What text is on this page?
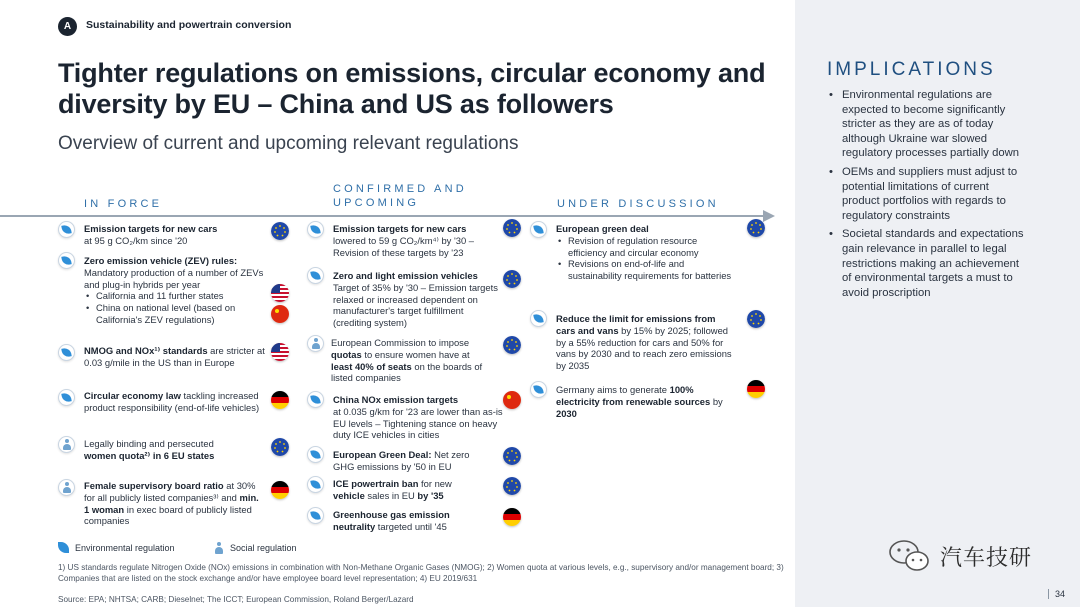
A	Sustainability and powertrain conversion
Tighter regulations on emissions, circular economy and diversity by EU – China and US as followers
Overview of current and upcoming relevant regulations
IN FORCE
CONFIRMED AND UPCOMING	UNDER DISCUSSION
Emission targets for new cars
at 95 g CO₂/km since '20
Zero emission vehicle (ZEV) rules:
Mandatory production of a number of ZEVs and plug-in hybrids per year
• California and 11 further states
• China on national level (based on California's ZEV regulations)
NMOG and NOx¹⁾ standards are stricter at 0.03 g/mile in the US than in Europe
Circular economy law tackling increased product responsibility (end-of-life vehicles)
Legally binding and persecuted
women quota²⁾ in 6 EU states
Female supervisory board ratio at 30% for all publicly listed companies³⁾ and min. 1 woman in exec board of publicly listed companies
Emission targets for new cars
lowered to 59 g CO₂/km⁴⁾ by '30 – Revision of these targets by '23
Zero and light emission vehicles
Target of 35% by '30 – Emission targets relaxed or increased dependent on manufacturer's target fulfillment (crediting system)
European Commission to impose
quotas to ensure women have at
least 40% of seats on the boards of listed companies
China NOx emission targets
at 0.035 g/km for '23 are lower than as-is EU levels – Tightening stance on heavy duty ICE vehicles in cities
European Green Deal: Net zero
GHG emissions by '50 in EU
ICE powertrain ban for new
vehicle sales in EU by '35
Greenhouse gas emission
neutrality targeted until '45
European green deal
• Revision of regulation resource efficiency and circular economy
• Revisions on end-of-life and sustainability requirements for batteries
Reduce the limit for emissions from cars and vans by 15% by 2025; followed by a 55% reduction for cars and 50% for vans by 2030 and to reach zero emissions by 2035
Germany aims to generate 100% electricity from renewable sources by 2030
Environmental regulation	Social regulation
1) US standards regulate Nitrogen Oxide (NOx) emissions in combination with Non-Methane Organic Gases (NMOG); 2) Women quota at various levels, e.g., supervisory and/or management board; 3) Companies that are listed on the stock exchange and/or have employee board level representation; 4) EU 2019/631
Source: EPA; NHTSA; CARB; Dieselnet; The ICCT; European Commission, Roland Berger/Lazard
IMPLICATIONS
• Environmental regulations are expected to become significantly stricter as they are as of today although Ukraine war slowed regulatory processes partially down
• OEMs and suppliers must adjust to potential limitations of current product portfolios with regards to regulatory constraints
• Societal standards and expectations gain relevance in parallel to legal restrictions making an achievement of environmental targets a must to avoid proscription
汽车技研
34
